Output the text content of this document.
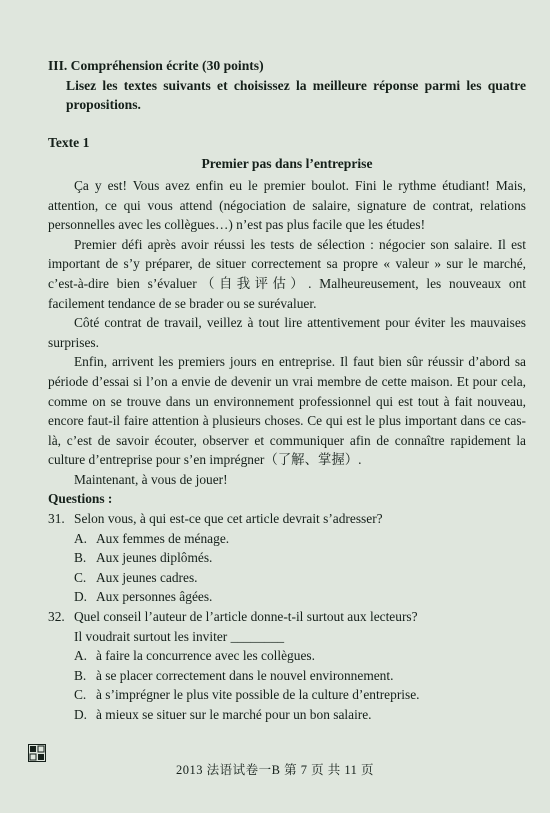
III. Compréhension écrite (30 points)

Lisez les textes suivants et choisissez la meilleure réponse parmi les quatre propositions.

Texte 1

Premier pas dans l’entreprise

Ça y est! Vous avez enfin eu le premier boulot. Fini le rythme étudiant! Mais, attention, ce qui vous attend (négociation de salaire, signature de contrat, relations personnelles avec les collègues…) n’est pas plus facile que les études!

Premier défi après avoir réussi les tests de sélection : négocier son salaire. Il est important de s’y préparer, de situer correctement sa propre « valeur » sur le marché, c’est-à-dire bien s’évaluer（自我评估）. Malheureusement, les nouveaux ont facilement tendance de se brader ou se surévaluer.

Côté contrat de travail, veillez à tout lire attentivement pour éviter les mauvaises surprises.

Enfin, arrivent les premiers jours en entreprise. Il faut bien sûr réussir d’abord sa période d’essai si l’on a envie de devenir un vrai membre de cette maison. Et pour cela, comme on se trouve dans un environnement professionnel qui est tout à fait nouveau, encore faut-il faire attention à plusieurs choses. Ce qui est le plus important dans ce cas-là, c’est de savoir écouter, observer et communiquer afin de connaître rapidement la culture d’entreprise pour s’en imprégner（了解、掌握）.

Maintenant, à vous de jouer!

Questions :

31. Selon vous, à qui est-ce que cet article devrait s’adresser?
A. Aux femmes de ménage.
B. Aux jeunes diplômés.
C. Aux jeunes cadres.
D. Aux personnes âgées.
32. Quel conseil l’auteur de l’article donne-t-il surtout aux lecteurs?
Il voudrait surtout les inviter ________
A. à faire la concurrence avec les collègues.
B. à se placer correctement dans le nouvel environnement.
C. à s’imprégner le plus vite possible de la culture d’entreprise.
D. à mieux se situer sur le marché pour un bon salaire.
2013 法语试卷一B 第 7 页 共 11 页
